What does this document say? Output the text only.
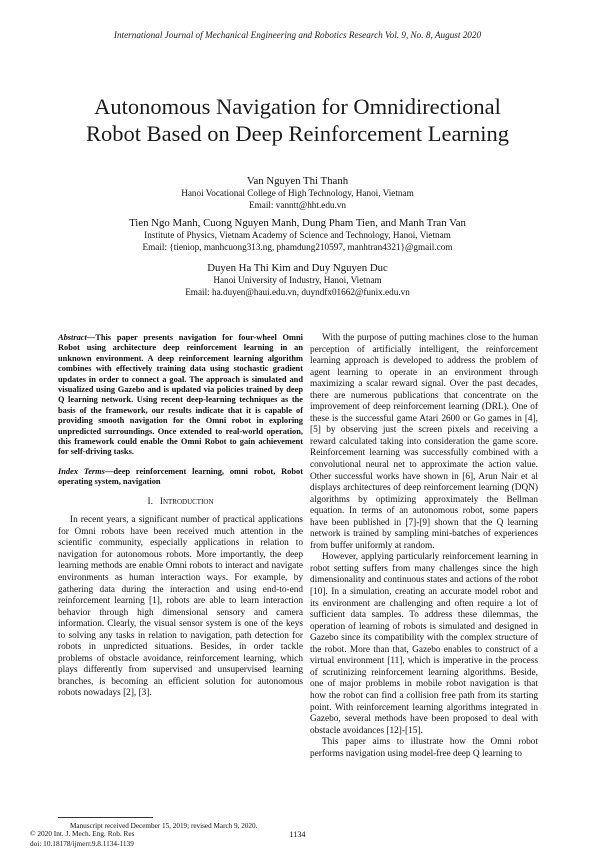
International Journal of Mechanical Engineering and Robotics Research Vol. 9, No. 8, August 2020
Autonomous Navigation for Omnidirectional
Robot Based on Deep Reinforcement Learning
Van Nguyen Thi Thanh
Hanoi Vocational College of High Technology, Hanoi, Vietnam
Email: vanntt@hht.edu.vn
Tien Ngo Manh, Cuong Nguyen Manh, Dung Pham Tien, and Manh Tran Van
Institute of Physics, Vietnam Academy of Science and Technology, Hanoi, Vietnam
Email: {tieniop, manhcuong313.ng, phamdung210597, manhtran4321}@gmail.com
Duyen Ha Thi Kim and Duy Nguyen Duc
Hanoi University of Industry, Hanoi, Vietnam
Email: ha.duyen@haui.edu.vn, duyndfx01662@funix.edu.vn

Abstract—This paper presents navigation for four-wheel Omni Robot using architecture deep reinforcement learning in an unknown environment. A deep reinforcement learning algorithm combines with effectively training data using stochastic gradient updates in order to connect a goal. The approach is simulated and visualized using Gazebo and is updated via policies trained by deep Q learning network. Using recent deep-learning techniques as the basis of the framework, our results indicate that it is capable of providing smooth navigation for the Omni robot in exploring unpredicted surroundings. Once extended to real-world operation, this framework could enable the Omni Robot to gain achievement for self-driving tasks.

Index Terms—deep reinforcement learning, omni robot, Robot operating system, navigation

I. Introduction

In recent years, a significant number of practical applications for Omni robots have been received much attention in the scientific community, especially applications in relation to navigation for autonomous robots. More importantly, the deep learning methods are enable Omni robots to interact and navigate environments as human interaction ways. For example, by gathering data during the interaction and using end-to-end reinforcement learning [1], robots are able to learn interaction behavior through high dimensional sensory and camera information. Clearly, the visual sensor system is one of the keys to solving any tasks in relation to navigation, path detection for robots in unpredicted situations. Besides, in order tackle problems of obstacle avoidance, reinforcement learning, which plays differently from supervised and unsupervised learning branches, is becoming an efficient solution for autonomous robots nowadays [2], [3].

Manuscript received December 15, 2019; revised March 9, 2020.

With the purpose of putting machines close to the human perception of artificially intelligent, the reinforcement learning approach is developed to address the problem of agent learning to operate in an environment through maximizing a scalar reward signal. Over the past decades, there are numerous publications that concentrate on the improvement of deep reinforcement learning (DRL). One of these is the successful game Atari 2600 or Go games in [4], [5] by observing just the screen pixels and receiving a reward calculated taking into consideration the game score. Reinforcement learning was successfully combined with a convolutional neural net to approximate the action value. Other successful works have shown in [6], Arun Nair et al displays architectures of deep reinforcement learning (DQN) algorithms by optimizing approximately the Bellman equation. In terms of an autonomous robot, some papers have been published in [7]-[9] shown that the Q learning network is trained by sampling mini-batches of experiences from buffer uniformly at random.

However, applying particularly reinforcement learning in robot setting suffers from many challenges since the high dimensionality and continuous states and actions of the robot [10]. In a simulation, creating an accurate model robot and its environment are challenging and often require a lot of sufficient data samples. To address these dilemmas, the operation of learning of robots is simulated and designed in Gazebo since its compatibility with the complex structure of the robot. More than that, Gazebo enables to construct of a virtual environment [11], which is imperative in the process of scrutinizing reinforcement learning algorithms. Beside, one of major problems in mobile robot navigation is that how the robot can find a collision free path from its starting point. With reinforcement learning algorithms integrated in Gazebo, several methods have been proposed to deal with obstacle avoidances [12]-[15].

This paper aims to illustrate how the Omni robot performs navigation using model-free deep Q learning to

© 2020 Int. J. Mech. Eng. Rob. Res
doi: 10.18178/ijmerr.9.8.1134-1139
1134
